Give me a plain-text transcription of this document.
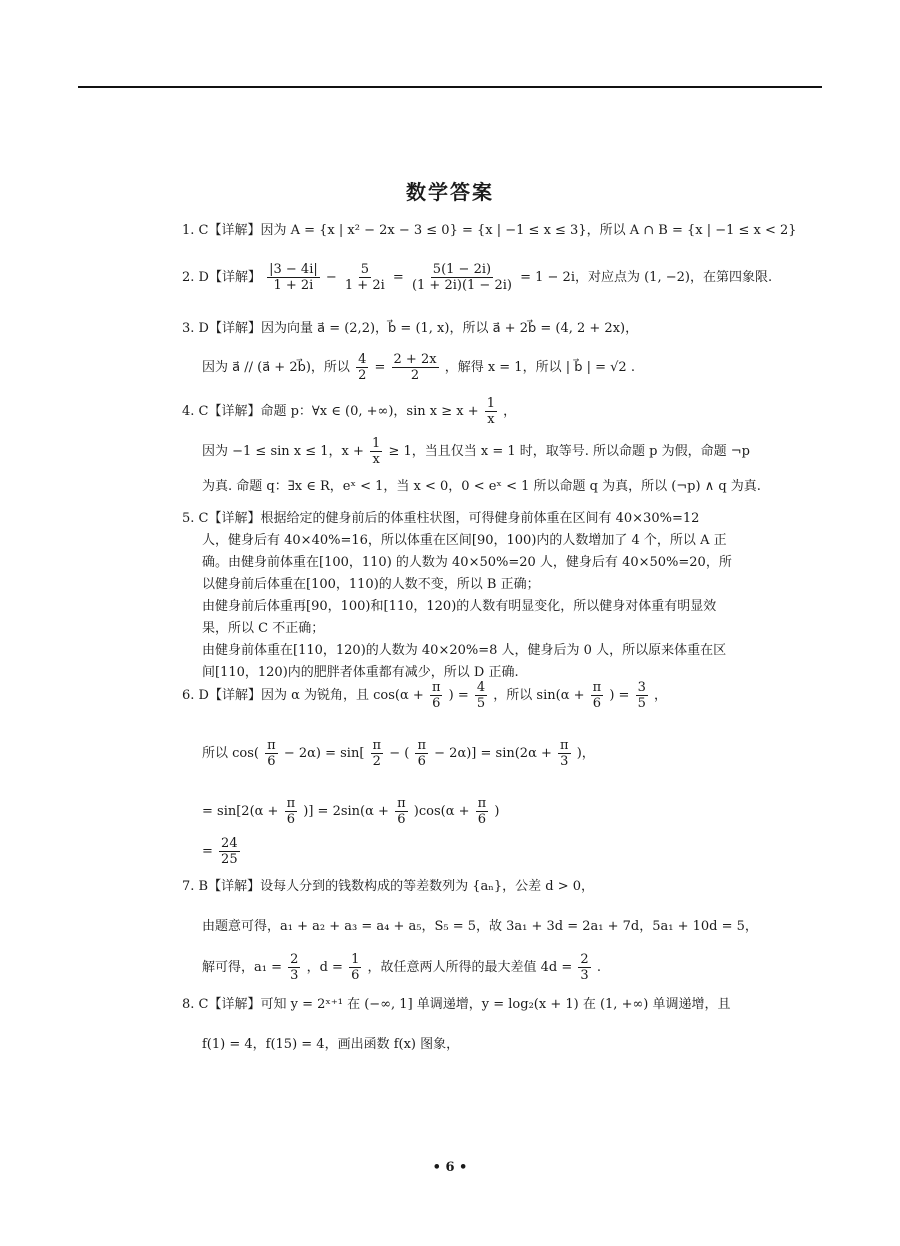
数学答案
1. C【详解】因为 A = {x | x² − 2x − 3 ≤ 0} = {x | −1 ≤ x ≤ 3}，所以 A ∩ B = {x | −1 ≤ x < 2}
2. D【详解】 $\frac{|3 - 4i|}{1 + 2i} - \frac{5}{1 + 2i} = \frac{5(1 - 2i)}{(1 + 2i)(1 - 2i)} = 1 - 2i$，对应点为 (1, −2)，在第四象限.
3. D【详解】因为向量 a⃗ = (2,2)，b⃗ = (1, x)，所以 a⃗ + 2b⃗ = (4, 2 + 2x)，
因为 a⃗ // (a⃗ + 2b⃗)，所以 $\frac{4}{2} = \frac{2 + 2x}{2}$ ，解得 x = 1，所以 | b⃗ | = √2 .
4. C【详解】命题 p：∀x ∈ (0, +∞)，$\sin x \ge x + \frac{1}{x}$ ，
因为 −1 ≤ sin x ≤ 1，$x + \frac{1}{x} \ge 1$，当且仅当 x = 1 时，取等号. 所以命题 p 为假，命题 ¬p
为真. 命题 q：∃x ∈ R，eˣ < 1，当 x < 0，0 < eˣ < 1 所以命题 q 为真，所以 (¬p) ∧ q 为真.
5. C【详解】根据给定的健身前后的体重柱状图，可得健身前体重在区间有 40×30%=12
人，健身后有 40×40%=16，所以体重在区间[90，100)内的人数增加了 4 个，所以 A 正
确。由健身前体重在[100，110) 的人数为 40×50%=20 人，健身后有 40×50%=20，所
以健身前后体重在[100，110)的人数不变，所以 B 正确；
由健身前后体重再[90，100)和[110，120)的人数有明显变化，所以健身对体重有明显效
果，所以 C 不正确；
由健身前体重在[110，120)的人数为 40×20%=8 人，健身后为 0 人，所以原来体重在区
间[110，120)内的肥胖者体重都有减少，所以 D 正确.
6. D【详解】因为 α 为锐角，且 $\cos(\alpha + \frac{\pi}{6}$ ) = $\frac{4}{5}$ ，所以 $\sin(\alpha + \frac{\pi}{6}$ ) = $\frac{3}{5}$ ，
所以 $\cos( \frac{\pi}{6} - 2\alpha) = \sin[ \frac{\pi}{2}$ − ( $\frac{\pi}{6} - 2\alpha)] = \sin(2\alpha + \frac{\pi}{3}$ )，
= $\sin[2(\alpha + \frac{\pi}{6}$ )] = $2\sin(\alpha + \frac{\pi}{6} )\cos(\alpha + \frac{\pi}{6}$ )
= $\frac{24}{25}$
7. B【详解】设每人分到的钱数构成的等差数列为 {aₙ}，公差 d > 0，
由题意可得，a₁ + a₂ + a₃ = a₄ + a₅，S₅ = 5，故 3a₁ + 3d = 2a₁ + 7d，5a₁ + 10d = 5，
解可得，$a_1 = \frac{2}{3}$ ，$d = \frac{1}{6}$ ，故任意两人所得的最大差值 $4d = \frac{2}{3}$ .
8. C【详解】可知 y = 2ˣ⁺¹ 在 (−∞, 1] 单调递增，y = log₂(x + 1) 在 (1, +∞) 单调递增，且
f(1) = 4，f(15) = 4，画出函数 f(x) 图象，
• 6 •
